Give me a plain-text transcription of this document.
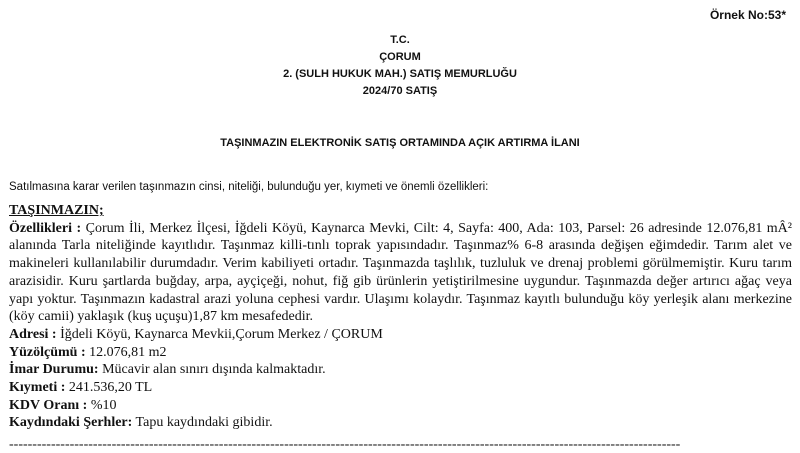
Örnek No:53*
T.C.
ÇORUM
2. (SULH HUKUK MAH.) SATIŞ MEMURLUĞU
2024/70 SATIŞ
TAŞINMAZIN ELEKTRONİK SATIŞ ORTAMINDA AÇIK ARTIRMA İLANI
Satılmasına karar verilen taşınmazın cinsi, niteliği, bulunduğu yer, kıymeti ve önemli özellikleri:
TAŞINMAZIN;
Özellikleri : Çorum İli, Merkez İlçesi, İğdeli Köyü, Kaynarca Mevki, Cilt: 4, Sayfa: 400, Ada: 103, Parsel: 26 adresinde 12.076,81 mÂ² alanında Tarla niteliğinde kayıtlıdır. Taşınmaz killi-tınlı toprak yapısındadır. Taşınmaz% 6-8 arasında değişen eğimdedir. Tarım alet ve makineleri kullanılabilir durumdadır. Verim kabiliyeti ortadır. Taşınmazda taşlılık, tuzluluk ve drenaj problemi görülmemiştir. Kuru tarım arazisidir. Kuru şartlarda buğday, arpa, ayçiçeği, nohut, fiğ gib ürünlerin yetiştirilmesine uygundur. Taşınmazda değer artırıcı ağaç veya yapı yoktur. Taşınmazın kadastral arazi yoluna cephesi vardır. Ulaşımı kolaydır. Taşınmaz kayıtlı bulunduğu köy yerleşik alanı merkezine (köy camii) yaklaşık (kuş uçuşu)1,87 km mesafededir.
Adresi : İğdeli Köyü, Kaynarca Mevkii,Çorum Merkez / ÇORUM
Yüzölçümü : 12.076,81 m2
İmar Durumu: Mücavir alan sınırı dışında kalmaktadır.
Kıymeti : 241.536,20 TL
KDV Oranı : %10
Kaydındaki Şerhler: Tapu kaydındaki gibidir.
------------------------------------------------------------------------------------------------------------------------------------------------
